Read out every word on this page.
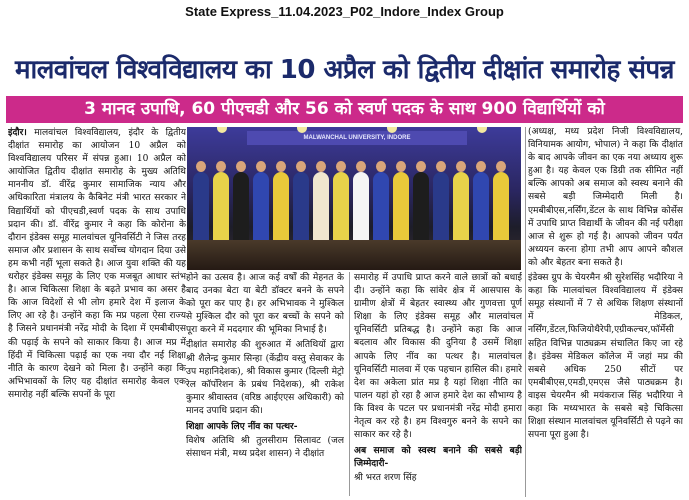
State Express_11.04.2023_P02_Indore_Index Group
मालवांचल विश्वविद्यालय का 10 अप्रैल को द्वितीय दीक्षांत समारोह संपन्न
3 मानद उपाधि, 60 पीएचडी और 56 को स्वर्ण पदक के साथ 900 विद्यार्थियों को

इंदौर। मालवांचल विश्वविद्यालय, इंदौर के द्वितीय दीक्षांत समारोह का आयोजन 10 अप्रैल को विश्वविद्यालय परिसर में संपन्न हुआ। 10 अप्रैल को आयोजित द्वितीय दीक्षांत समारोह के मुख्य अतिथि माननीय डॉ. वीरेंद्र कुमार सामाजिक न्याय और अधिकारिता मंत्रालय के कैबिनेट मंत्री भारत सरकार ने विद्यार्थियों को पीएचडी,स्वर्ण पदक के साथ उपाधि प्रदान की। डॉ. वीरेंद्र कुमार ने कहा कि कोरोना के दौरान इंडेक्स समूह मालवांचल यूनिवर्सिटी ने जिस तरह समाज और प्रशासन के साथ सर्वोच्च योगदान दिया उसे हम कभी नहीं भूला सकते है। आज युवा शक्ति की यह धरोहर इंडेक्स समूह के लिए एक मजबूत आधार स्तंभ है। आज चिकित्सा शिक्षा के बढ़ते प्रभाव का असर है कि आज विदेशों से भी लोग हमारे देश में इलाज के लिए आ रहे है। उन्होंने कहा कि मप्र पहला ऐसा राज्य है जिसने प्रधानमंत्री नरेंद्र मोदी के दिशा में एमबीबीएस की पढ़ाई के सपने को साकार किया है। आज मप्र में हिंदी में चिकित्सा पढ़ाई का एक नया दौर नई शिक्षा नीति के कारण देखने को मिला है। उन्होंने कहा कि अभिभावकों के लिए यह दीक्षांत समारोह केवल एक समारोह नहीं बल्कि सपनों के पूरा

MALWANCHAL UNIVERSITY, INDORE

होने का उत्सव है। आज कई वर्षों की मेहनत के बाद उनका बेटा या बेटी डॉक्टर बनने के सपने को पूरा कर पाए है। हर अभिभावक ने मुश्किल से मुश्किल दौर को पूरा कर बच्चों के सपने को पूरा करने में मददगार की भूमिका निभाई है।

दीक्षांत समारोह की शुरुआत में अतिथियों द्वारा श्री शैलेन्द्र कुमार सिन्हा (केंद्रीय वस्तु सेवाकर के उप महानिदेशक), श्री विकास कुमार (दिल्ली मेट्रो रेल कॉर्पोरेशन के प्रबंध निदेशक), श्री राकेश कुमार श्रीवास्तव (वरिष्ठ आईएएस अधिकारी) को मानद उपाधि प्रदान की।

शिक्षा आपके लिए नींव का पत्थर-

विशेष अतिथि श्री तुलसीराम सिलावट (जल संसाधन मंत्री, मध्य प्रदेश शासन) ने दीक्षांत

समारोह में उपाधि प्राप्त करने वाले छात्रों को बधाई दी। उन्होंने कहा कि सांवेर क्षेत्र में आसपास के ग्रामीण क्षेत्रों में बेहतर स्वास्थ्य और गुणवत्ता पूर्ण शिक्षा के लिए इंडेक्स समूह और मालवांचल यूनिवर्सिटी प्रतिबद्ध है। उन्होंने कहा कि आज बदलाव और विकास की दुनिया है उसमें शिक्षा आपके लिए नींव का पत्थर है। मालवांचल यूनिवर्सिटी मालवा में एक पहचान हासिल की। हमारे देश का अकेला प्रांत मप्र है यहां शिक्षा नीति का पालन यहां हो रहा है आज हमारे देश का सौभाग्य है कि विश्व के पटल पर प्रधानमंत्री नरेंद्र मोदी हमारा नेतृत्व कर रहे है। हम विश्वगुरु बनने के सपने का साकार कर रहे है।

अब समाज को स्वस्थ बनाने की सबसे बड़ी जिम्मेदारी-

श्री भरत शरण सिंह

(अध्यक्ष, मध्य प्रदेश निजी विश्वविद्यालय, विनियामक आयोग, भोपाल) ने कहा कि दीक्षांत के बाद आपके जीवन का एक नया अध्याय शुरू हुआ है। यह केवल एक डिग्री तक सीमित नहीं बल्कि आपको अब समाज को स्वस्थ बनाने की सबसे बड़ी जिम्मेदारी मिली है। एमबीबीएस,नर्सिंग,डेंटल के साथ विभिन्न कोर्सेस में उपाधि प्राप्त विद्यार्थी के जीवन की नई परीक्षा आज से शुरू हो गई है। आपको जीवन पर्यंत अध्ययन करना होगा तभी आप आपने कौशल को और बेहतर बना सकते है।

इंडेक्स ग्रुप के चेयरमैन श्री सुरेशसिंह भदौरिया ने कहा कि मालवांचल विश्वविद्यालय में इंडेक्स समूह संस्थानों में 7 से अधिक शिक्षण संस्थानों में मेडिकल, नर्सिंग,डेंटल,फिजियोथैरेपी,एग्रीकल्चर,फॉर्मेसी सहित विभिन्न पाठ्यक्रम संचालित किए जा रहे है। इंडेक्स मेडिकल कॉलेज में जहां मप्र की सबसे अधिक 250 सीटों पर एमबीबीएस,एमडी,एमएस जैसे पाठ्यक्रम है। वाइस चेयरमैन श्री मयंकराज सिंह भदौरिया ने कहा कि मध्यभारत के सबसे बड़े चिकित्सा शिक्षा संस्थान मालवांचल यूनिवर्सिटी से पढ़ने का सपना पूरा हुआ है।
